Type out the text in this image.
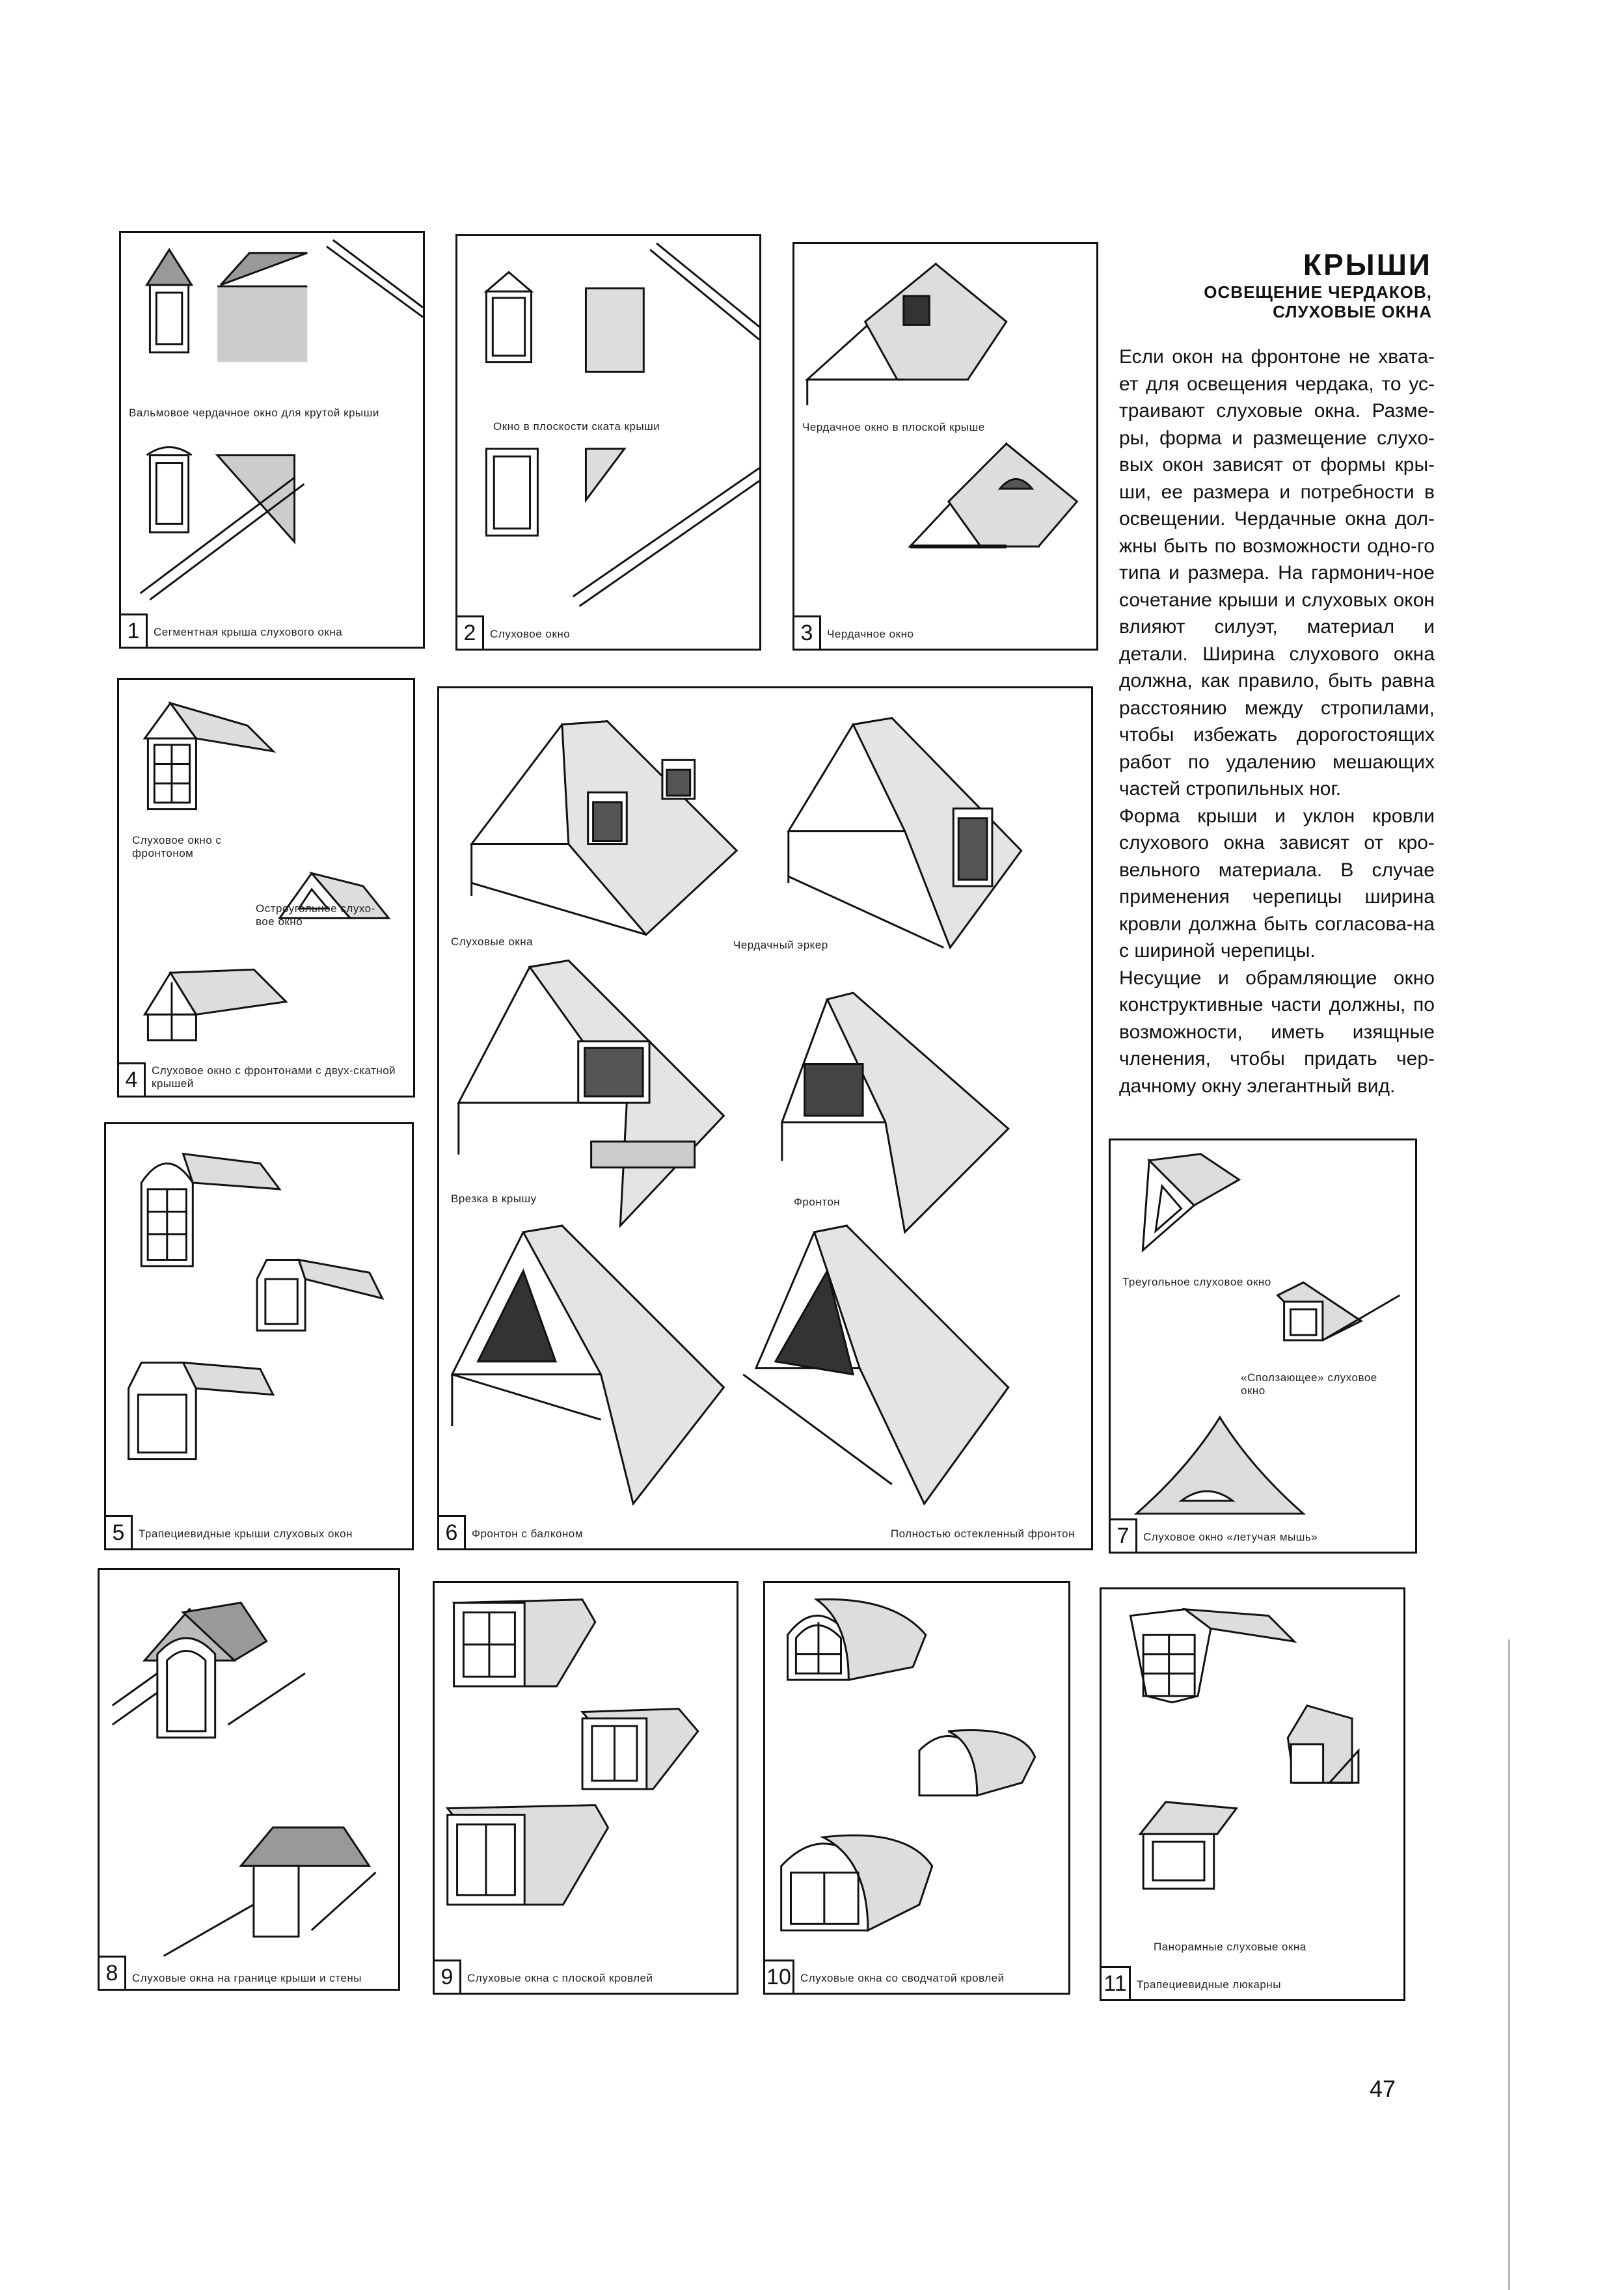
КРЫШИ
ОСВЕЩЕНИЕ ЧЕРДАКОВ,
СЛУХОВЫЕ ОКНА

Если окон на фронтоне не хвата-ет для освещения чердака, то ус-траивают слуховые окна. Разме-ры, форма и размещение слухо-вых окон зависят от формы кры-ши, ее размера и потребности в освещении. Чердачные окна дол-жны быть по возможности одно-го типа и размера. На гармонич-ное сочетание крыши и слуховых окон влияют силуэт, материал и детали. Ширина слухового окна должна, как правило, быть равна расстоянию между стропилами, чтобы избежать дорогостоящих работ по удалению мешающих частей стропильных ног.

Форма крыши и уклон кровли слухового окна зависят от кро-вельного материала. В случае применения черепицы ширина кровли должна быть согласова-на с шириной черепицы.

Несущие и обрамляющие окно конструктивные части должны, по возможности, иметь изящные членения, чтобы придать чер-дачному окну элегантный вид.

Вальмовое чердачное окно для крутой крыши
1	Сегментная крыша слухового окна
Окно в плоскости ската крыши
2	Слуховое окно
Чердачное окно в плоской крыше
3	Чердачное окно
Слуховое окно с фронтоном
Остроугольное слухо-вое окно
4	Слуховое окно с фронтонами с двух-скатной крышей
5	Трапециевидные крыши слуховых окон
Слуховые окна	Чердачный эркер
Врезка в крышу	Фронтон
6	Фронтон с балконом	Полностью остекленный фронтон
Треугольное слуховое окно
«Сползающее» слуховое окно
7	Слуховое окно «летучая мышь»
8	Слуховые окна на границе крыши и стены	9	Слуховые окна с плоской кровлей	10 Слуховые окна со сводчатой кровлей
Панорамные слуховые окна
11 Трапециевидные люкарны
47
